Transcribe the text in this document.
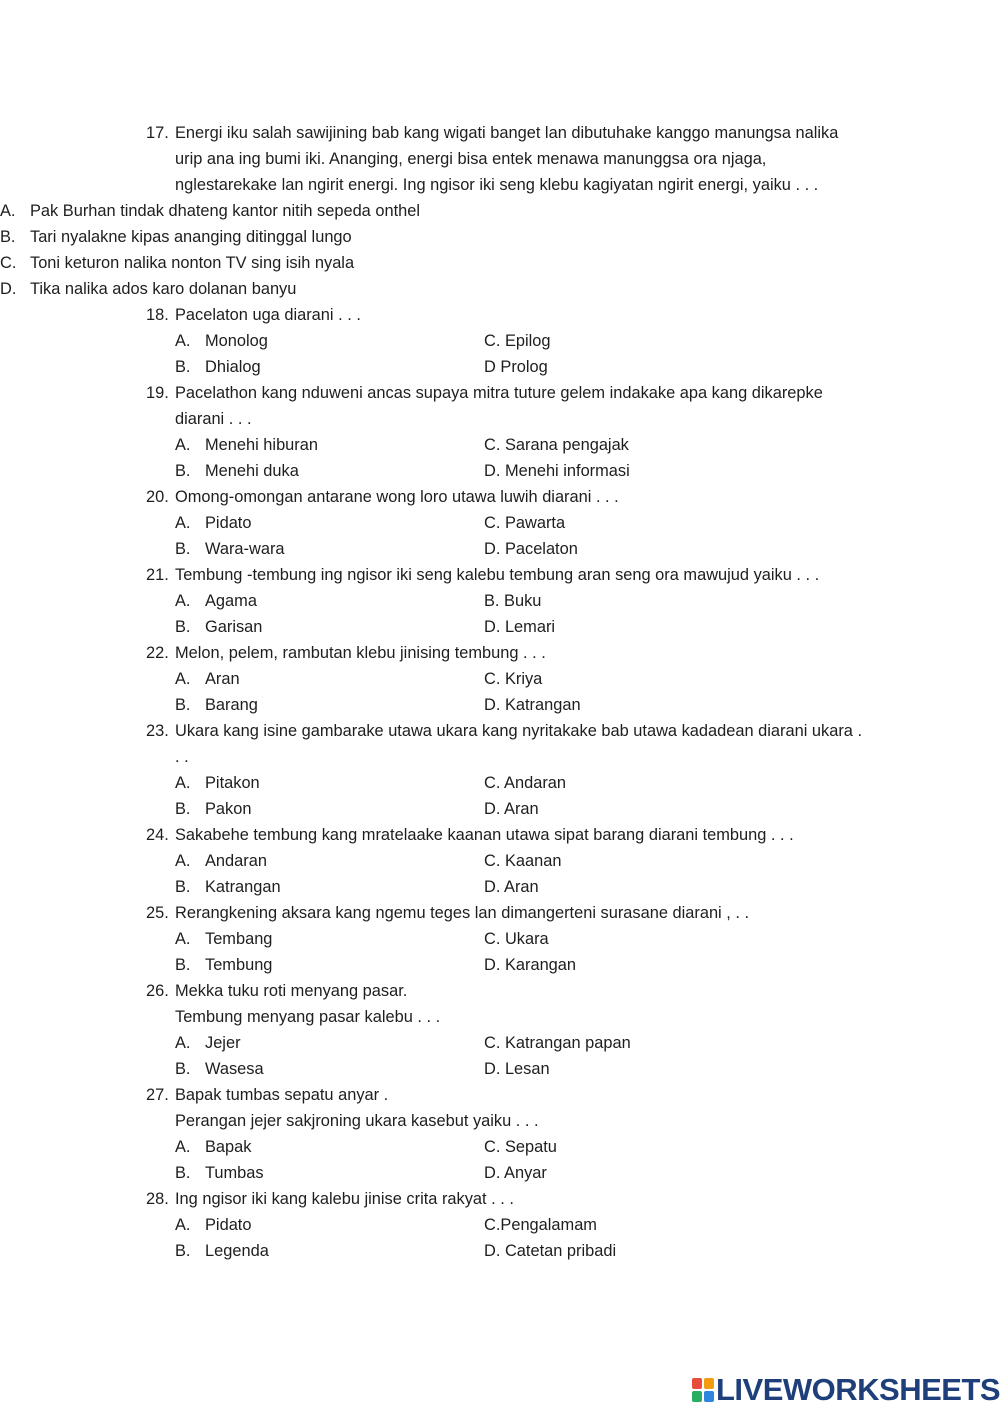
17. Energi iku salah sawijining bab kang wigati banget lan dibutuhake kanggo manungsa nalika
urip ana ing bumi iki. Ananging, energi bisa entek menawa manunggsa ora njaga,
nglestarekake lan ngirit energi. Ing ngisor iki seng klebu kagiyatan ngirit energi, yaiku . . .
A. Pak Burhan tindak dhateng kantor nitih sepeda onthel
B. Tari nyalakne kipas ananging ditinggal lungo
C. Toni keturon nalika nonton TV sing isih nyala
D. Tika nalika ados karo dolanan banyu
18. Pacelaton uga diarani . . .
A. Monolog	C. Epilog
B. Dhialog	D Prolog
19. Pacelathon kang nduweni ancas supaya mitra tuture gelem indakake apa kang dikarepke
diarani . . .
A. Menehi hiburan	C. Sarana pengajak
B. Menehi duka	D. Menehi informasi
20. Omong-omongan antarane wong loro utawa luwih diarani . . .
A. Pidato	C. Pawarta
B. Wara-wara	D. Pacelaton
21. Tembung -tembung ing ngisor iki seng kalebu tembung aran seng ora mawujud yaiku . . .
A. Agama	B. Buku
B. Garisan	D. Lemari
22. Melon, pelem, rambutan klebu jinising tembung . . .
A. Aran	C. Kriya
B. Barang	D. Katrangan
23. Ukara kang isine gambarake utawa ukara kang nyritakake bab utawa kadadean diarani ukara .
. .
A. Pitakon	C. Andaran
B. Pakon	D. Aran
24. Sakabehe tembung kang mratelaake kaanan utawa sipat barang diarani tembung . . .
A. Andaran	C. Kaanan
B. Katrangan	D. Aran
25. Rerangkening aksara kang ngemu teges lan dimangerteni surasane diarani , . .
A. Tembang	C. Ukara
B. Tembung	D. Karangan
26. Mekka tuku roti menyang pasar.
Tembung menyang pasar kalebu . . .
A. Jejer	C. Katrangan papan
B. Wasesa	D. Lesan
27. Bapak tumbas sepatu anyar .
Perangan jejer sakjroning ukara kasebut yaiku . . .
A. Bapak	C. Sepatu
B. Tumbas	D. Anyar
28. Ing ngisor iki kang kalebu jinise crita rakyat . . .
A. Pidato	C.Pengalamam
B. Legenda	D. Catetan pribadi
LIVEWORKSHEETS
